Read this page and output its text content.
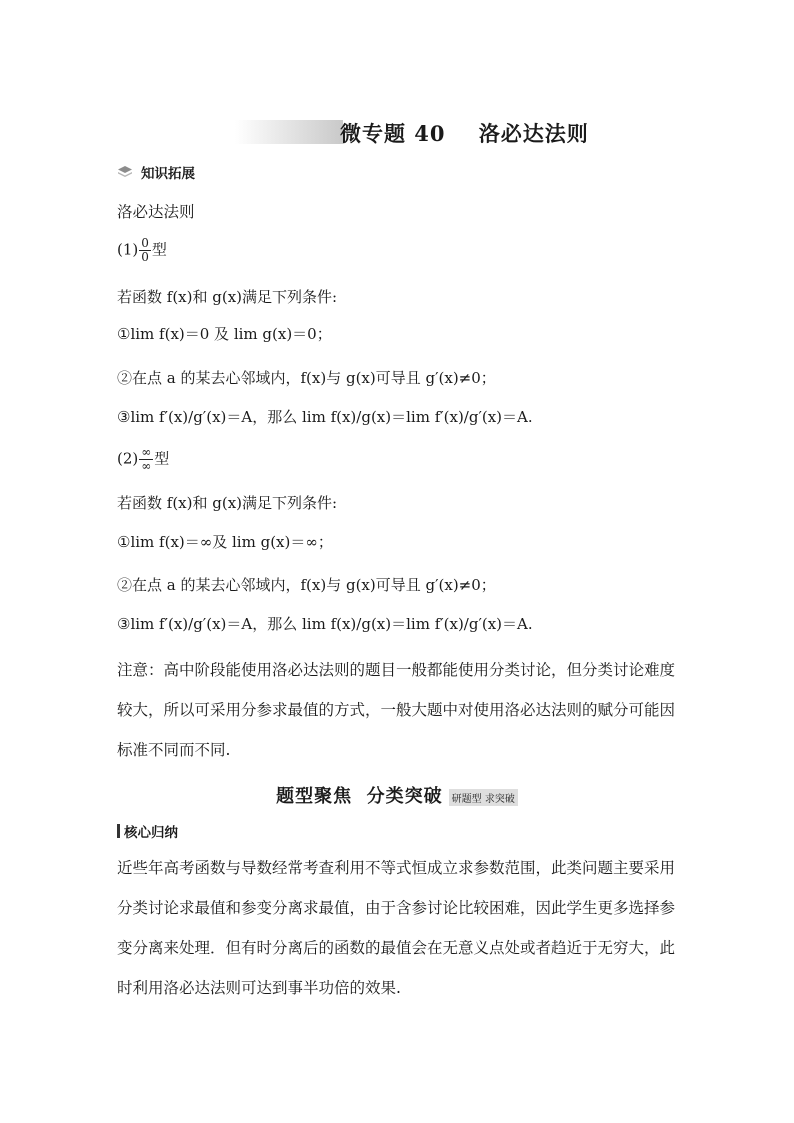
微专题 40    洛必达法则
知识拓展
洛必达法则
$(1) \frac{0}{0}$ 型
若函数 f(x)和 g(x)满足下列条件:
①lim f(x)＝0 及 lim g(x)＝0；
②在点 a 的某去心邻域内，f(x)与 g(x)可导且 g′(x)≠0；
③lim f′(x)/g′(x)＝A，那么 lim f(x)/g(x)＝lim f′(x)/g′(x)＝A.
$(2) \frac{\infty}{\infty}$ 型
若函数 f(x)和 g(x)满足下列条件:
①lim f(x)＝∞及 lim g(x)＝∞；
②在点 a 的某去心邻域内，f(x)与 g(x)可导且 g′(x)≠0；
③lim f′(x)/g′(x)＝A，那么 lim f(x)/g(x)＝lim f′(x)/g′(x)＝A.
注意：高中阶段能使用洛必达法则的题目一般都能使用分类讨论，但分类讨论难度较大，所以可采用分参求最值的方式，一般大题中对使用洛必达法则的赋分可能因标准不同而不同.
题型聚焦  分类突破 研题型 求突破
核心归纳
近些年高考函数与导数经常考查利用不等式恒成立求参数范围，此类问题主要采用分类讨论求最值和参变分离求最值，由于含参讨论比较困难，因此学生更多选择参变分离来处理．但有时分离后的函数的最值会在无意义点处或者趋近于无穷大，此时利用洛必达法则可达到事半功倍的效果.
